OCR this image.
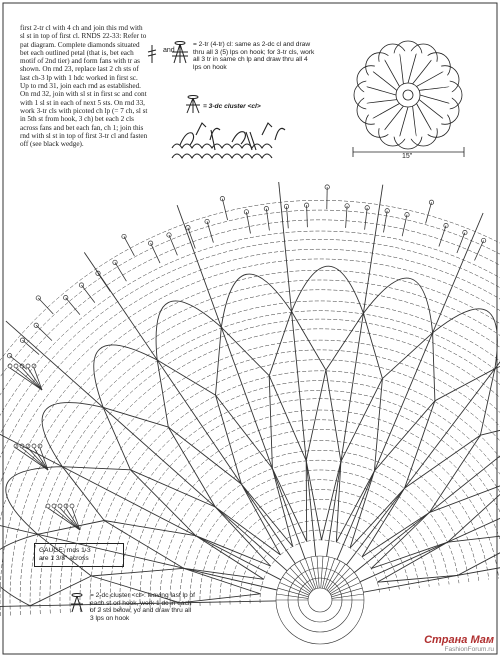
first 2-tr cl with 4 ch and join this rnd with sl st in top of first cl. RNDS 22-33: Refer to pat diagram. Complete diamonds situated bet each outlined petal (that is, bet each motif of 2nd tier) and form fans with tr as shown. On rnd 23, replace last 2 ch sts of last ch-3 lp with 1 hdc worked in first sc. Up to rnd 31, join each rnd as established. On rnd 32, join with sl st in first sc and cont with 1 sl st in each of next 5 sts. On rnd 33, work 3-tr cls with picoted ch lp (= 7 ch, sl st in 5th st from hook, 3 ch) bet each 2 cls across fans and bet each fan, ch 1; join this rnd with sl st in top of first 3-tr cl and fasten off (see black wedge).

and
= 2-tr (4-tr) cl: same as 2-dc cl and draw thru all 3 (5) lps on hook; for 3-tr cls, work all 3 tr in same ch lp and draw thru all 4 lps on hook
= 3-dc cluster <cl>
= 2-dc cluster <cl>: leaving last lp of each st on hook, work 1 dc in each of 2 sts below, yo and draw thru all 3 lps on hook
GAUGE: rnds 1-3
are 1 3/8" across
15"
Страна Мам
FashionForum.ru
